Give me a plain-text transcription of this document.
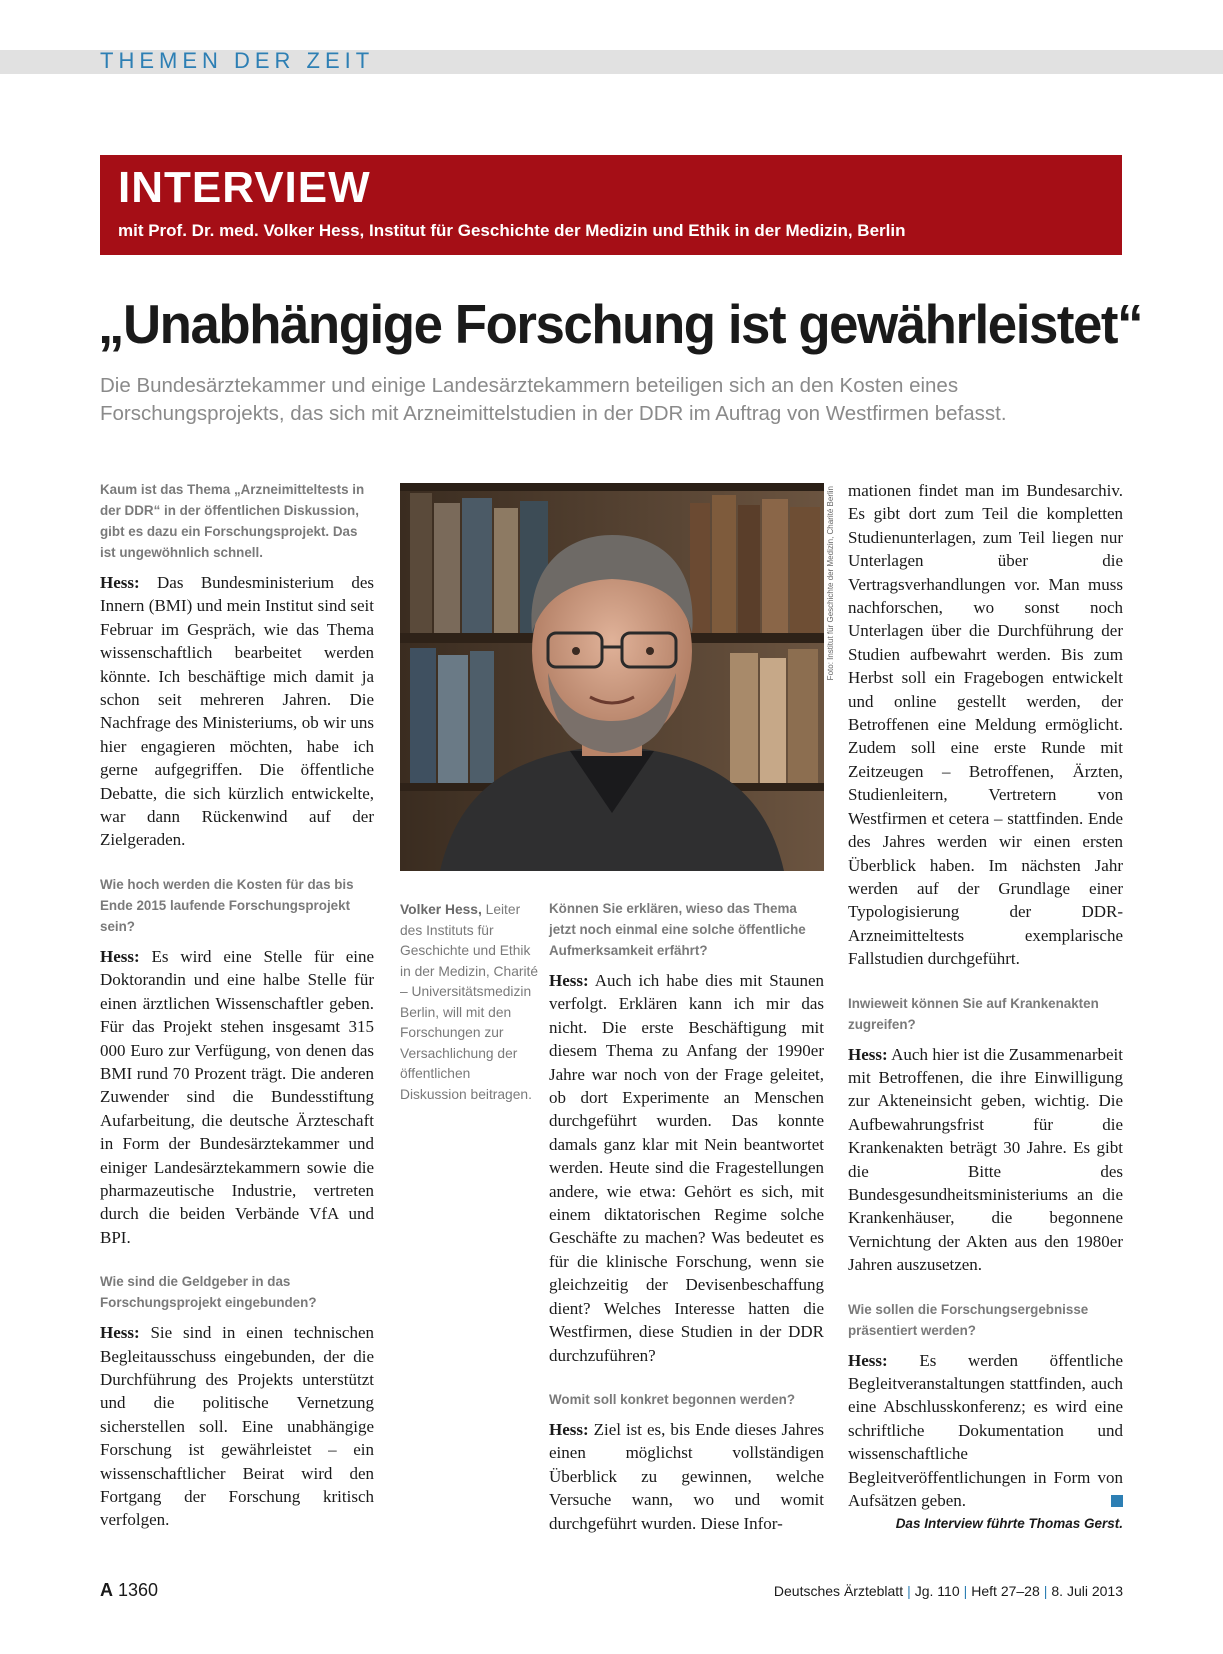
THEMEN DER ZEIT
INTERVIEW
mit Prof. Dr. med. Volker Hess, Institut für Geschichte der Medizin und Ethik in der Medizin, Berlin
„Unabhängige Forschung ist gewährleistet“
Die Bundesärztekammer und einige Landesärztekammern beteiligen sich an den Kosten eines Forschungsprojekts, das sich mit Arzneimittelstudien in der DDR im Auftrag von Westfirmen befasst.

Kaum ist das Thema „Arzneimitteltests in der DDR“ in der öffentlichen Diskussion, gibt es dazu ein Forschungsprojekt. Das ist ungewöhnlich schnell.

Hess: Das Bundesministerium des Innern (BMI) und mein Institut sind seit Februar im Gespräch, wie das Thema wissenschaftlich bearbeitet werden könnte. Ich beschäftige mich damit ja schon seit mehreren Jahren. Die Nachfrage des Ministeriums, ob wir uns hier engagieren möchten, habe ich gerne aufgegriffen. Die öffentliche Debatte, die sich kürzlich entwickelte, war dann Rückenwind auf der Zielgeraden.

Wie hoch werden die Kosten für das bis Ende 2015 laufende Forschungsprojekt sein?

Hess: Es wird eine Stelle für eine Doktorandin und eine halbe Stelle für einen ärztlichen Wissenschaftler geben. Für das Projekt stehen insgesamt 315 000 Euro zur Verfügung, von denen das BMI rund 70 Prozent trägt. Die anderen Zuwender sind die Bundesstiftung Aufarbeitung, die deutsche Ärzteschaft in Form der Bundesärztekammer und einiger Landesärztekammern sowie die pharmazeutische Industrie, vertreten durch die beiden Verbände VfA und BPI.

Wie sind die Geldgeber in das Forschungsprojekt eingebunden?

Hess: Sie sind in einen technischen Begleitausschuss eingebunden, der die Durchführung des Projekts unterstützt und die politische Vernetzung sicherstellen soll. Eine unabhängige Forschung ist gewährleistet – ein wissenschaftlicher Beirat wird den Fortgang der Forschung kritisch verfolgen.

Foto: Institut für Geschichte der Medizin, Charité Berlin
Volker Hess, Leiter des Instituts für Geschichte und Ethik in der Medizin, Charité – Universitätsmedizin Berlin, will mit den Forschungen zur Versachlichung der öffentlichen Diskussion beitragen.

Können Sie erklären, wieso das Thema jetzt noch einmal eine solche öffentliche Aufmerksamkeit erfährt?

Hess: Auch ich habe dies mit Staunen verfolgt. Erklären kann ich mir das nicht. Die erste Beschäftigung mit diesem Thema zu Anfang der 1990er Jahre war noch von der Frage geleitet, ob dort Experimente an Menschen durchgeführt wurden. Das konnte damals ganz klar mit Nein beantwortet werden. Heute sind die Fragestellungen andere, wie etwa: Gehört es sich, mit einem diktatorischen Regime solche Geschäfte zu machen? Was bedeutet es für die klinische Forschung, wenn sie gleichzeitig der Devisenbeschaffung dient? Welches Interesse hatten die Westfirmen, diese Studien in der DDR durchzuführen?

Womit soll konkret begonnen werden?

Hess: Ziel ist es, bis Ende dieses Jahres einen möglichst vollständigen Überblick zu gewinnen, welche Versuche wann, wo und womit durchgeführt wurden. Diese Infor-

mationen findet man im Bundesarchiv. Es gibt dort zum Teil die kompletten Studienunterlagen, zum Teil liegen nur Unterlagen über die Vertragsverhandlungen vor. Man muss nachforschen, wo sonst noch Unterlagen über die Durchführung der Studien aufbewahrt werden. Bis zum Herbst soll ein Fragebogen entwickelt und online gestellt werden, der Betroffenen eine Meldung ermöglicht. Zudem soll eine erste Runde mit Zeitzeugen – Betroffenen, Ärzten, Studienleitern, Vertretern von Westfirmen et cetera – stattfinden. Ende des Jahres werden wir einen ersten Überblick haben. Im nächsten Jahr werden auf der Grundlage einer Typologisierung der DDR-Arzneimitteltests exemplarische Fallstudien durchgeführt.

Inwieweit können Sie auf Krankenakten zugreifen?

Hess: Auch hier ist die Zusammenarbeit mit Betroffenen, die ihre Einwilligung zur Akteneinsicht geben, wichtig. Die Aufbewahrungsfrist für die Krankenakten beträgt 30 Jahre. Es gibt die Bitte des Bundesgesundheitsministeriums an die Krankenhäuser, die begonnene Vernichtung der Akten aus den 1980er Jahren auszusetzen.

Wie sollen die Forschungsergebnisse präsentiert werden?

Hess: Es werden öffentliche Begleitveranstaltungen stattfinden, auch eine Abschlusskonferenz; es wird eine schriftliche Dokumentation und wissenschaftliche Begleitveröffentlichungen in Form von Aufsätzen geben.

Das Interview führte Thomas Gerst.
A 1360	Deutsches Ärzteblatt | Jg. 110 | Heft 27–28 | 8. Juli 2013
